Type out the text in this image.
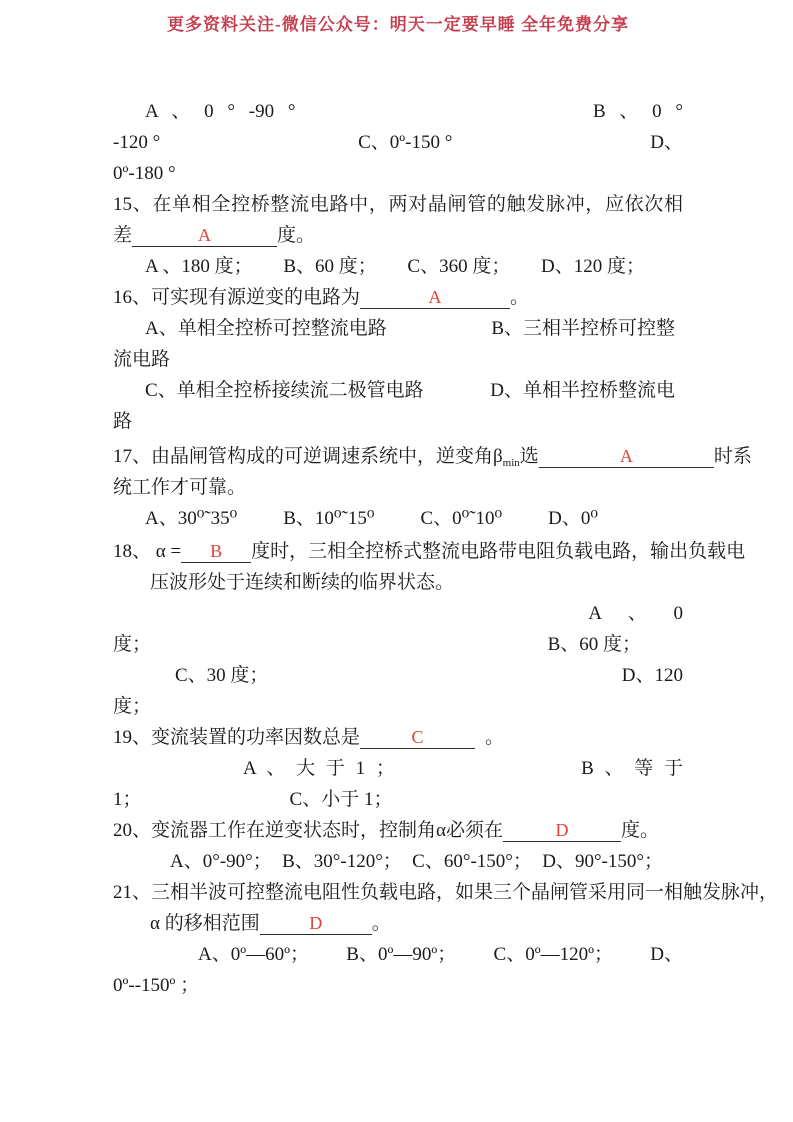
更多资料关注-微信公众号：明天一定要早睡 全年免费分享
A 、 0 ° -90 °	B 、 0 °
-120 °	C、0º-150 °	D、
0º-180 °
15、在单相全控桥整流电路中，两对晶闸管的触发脉冲，应依次相
差	A	度。
A 、180 度； B、60 度； C、360 度； D、120 度；
16、可实现有源逆变的电路为	A	。
A、单相全控桥可控整流电路	B、三相半控桥可控整
流电路
C、单相全控桥接续流二极管电路	D、单相半控桥整流电
路
17、由晶闸管构成的可逆调速系统中，逆变角$\beta_{min}$选	A	时系
统工作才可靠。
A、30⁰˜35⁰ B、10⁰˜15⁰ C、0⁰˜10⁰ D、0⁰
18、 α = B 度时，三相全控桥式整流电路带电阻负载电路，输出负载电
压波形处于连续和断续的临界状态。
A 、 0
度；	B、60 度；
C、30 度；	D、120
度；
19、变流装置的功率因数总是	C	。
A 、 大 于 1 ；	B 、 等 于
1；	C、小于 1；
20、变流器工作在逆变状态时，控制角α必须在	D	度。
A、0°-90°； B、30°-120°； C、60°-150°； D、90°-150°；
21、三相半波可控整流电阻性负载电路，如果三个晶闸管采用同一相触发脉冲，
α 的移相范围	D	。
A、0º—60º； B、0º—90º； C、0º—120º； D、
0º--150º ；
